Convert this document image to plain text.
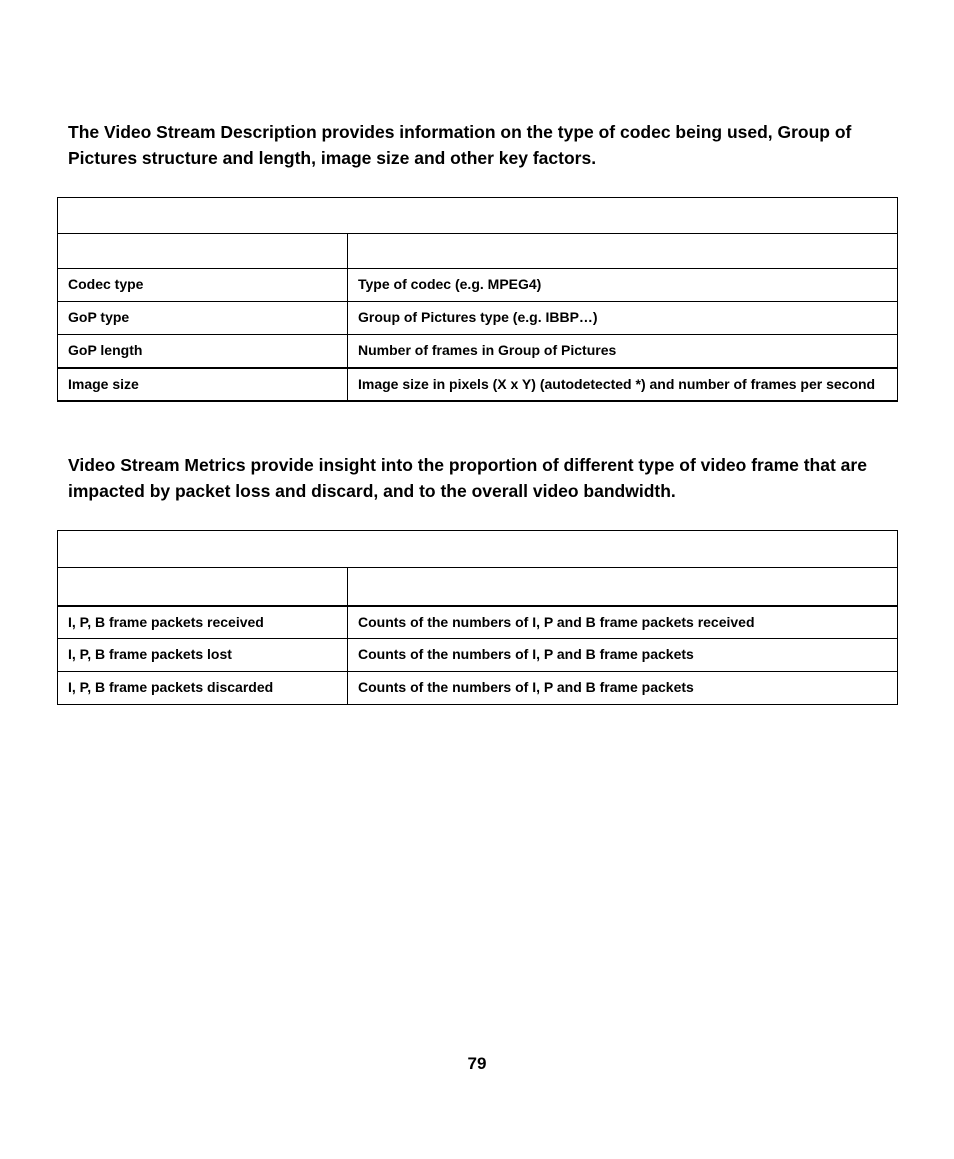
The Video Stream Description provides information on the type of codec being used, Group of Pictures structure and length, image size and other key factors.

Codec type	Type of codec (e.g. MPEG4)
GoP type	Group of Pictures type (e.g. IBBP…)
GoP length	Number of frames in Group of Pictures
Image size	Image size in pixels (X x Y) (autodetected *) and number of frames per second

Video Stream Metrics provide insight into the proportion of different type of video frame that are impacted by packet loss and discard, and to the overall video bandwidth.

I, P, B frame packets received	Counts of the numbers of I, P and B frame packets received
I, P, B frame packets lost	Counts of the numbers of I, P and B frame packets
I, P, B frame packets discarded	Counts of the numbers of I, P and B frame packets
79
